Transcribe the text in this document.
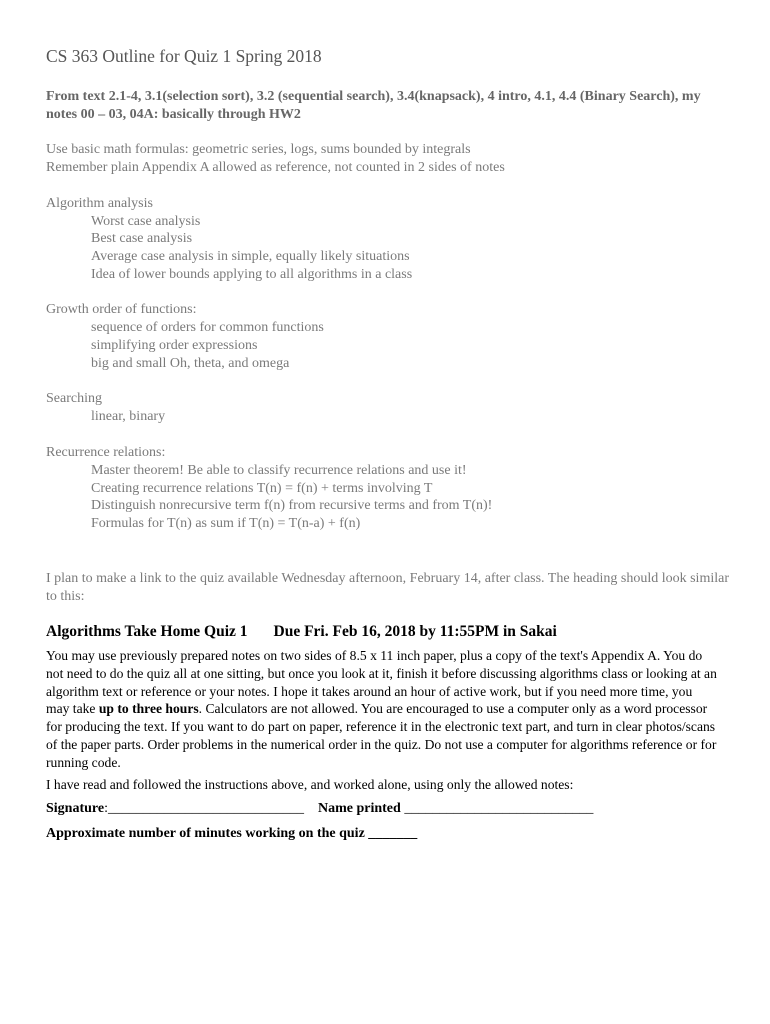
CS 363 Outline for Quiz 1 Spring 2018
From text 2.1-4, 3.1(selection sort), 3.2 (sequential search), 3.4(knapsack), 4 intro, 4.1, 4.4 (Binary Search), my notes 00 – 03, 04A: basically through HW2
Use basic math formulas: geometric series, logs, sums bounded by integrals
Remember plain Appendix A allowed as reference, not counted in 2 sides of notes
Algorithm analysis
Worst case analysis
Best case analysis
Average case analysis in simple, equally likely situations
Idea of lower bounds applying to all algorithms in a class
Growth order of functions:
sequence of orders for common functions
simplifying order expressions
big and small Oh, theta, and omega
Searching
linear, binary
Recurrence relations:
Master theorem! Be able to classify recurrence relations and use it!
Creating recurrence relations T(n) = f(n) + terms involving T
Distinguish nonrecursive term f(n) from recursive terms and from T(n)!
Formulas for T(n) as sum if T(n) = T(n-a) + f(n)
I plan to make a link to the quiz available Wednesday afternoon, February 14, after class. The heading should look similar to this:
Algorithms Take Home Quiz 1 Due Fri. Feb 16, 2018 by 11:55PM in Sakai
You may use previously prepared notes on two sides of 8.5 x 11 inch paper, plus a copy of the text's Appendix A. You do not need to do the quiz all at one sitting, but once you look at it, finish it before discussing algorithms class or looking at an algorithm text or reference or your notes. I hope it takes around an hour of active work, but if you need more time, you may take up to three hours. Calculators are not allowed. You are encouraged to use a computer only as a word processor for producing the text. If you want to do part on paper, reference it in the electronic text part, and turn in clear photos/scans of the paper parts. Order problems in the numerical order in the quiz. Do not use a computer for algorithms reference or for running code.
I have read and followed the instructions above, and worked alone, using only the allowed notes:
Signature:____________________________ Name printed ___________________________
Approximate number of minutes working on the quiz _______
